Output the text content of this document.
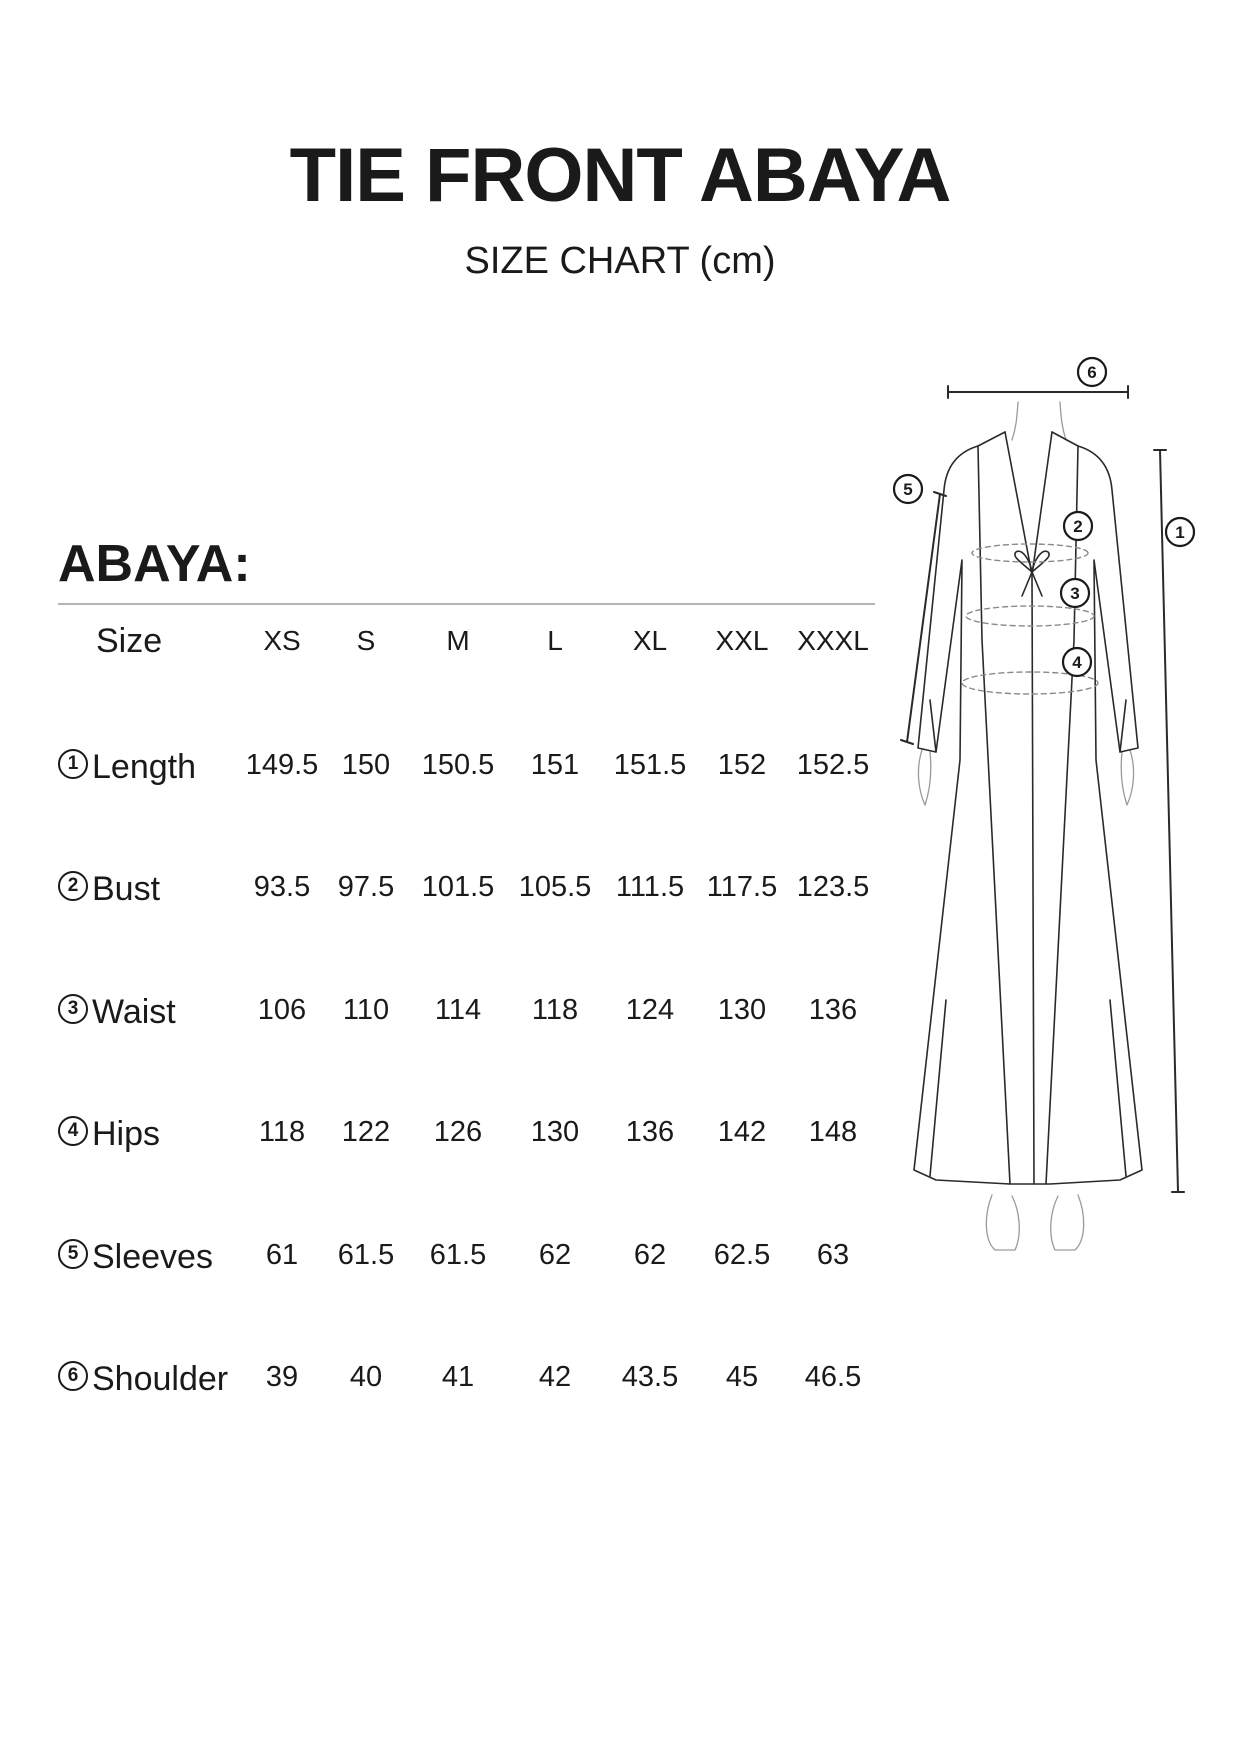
TIE FRONT ABAYA
SIZE CHART (cm)
ABAYA:
Size	XS	S	M	L	XL	XXL	XXXL
1 Length	149.5 150	150.5	151	151.5	152	152.5
2 Bust	93.5 97.5 101.5 105.5 111.5 117.5 123.5
3 Waist	106	110	114	118	124	130	136
4 Hips	118	122	126	130	136	142	148
5 Sleeves	61	61.5	61.5	62	62	62.5	63
6 Shoulder	39	40	41	42	43.5	45	46.5
1
2
3
4
5
6
